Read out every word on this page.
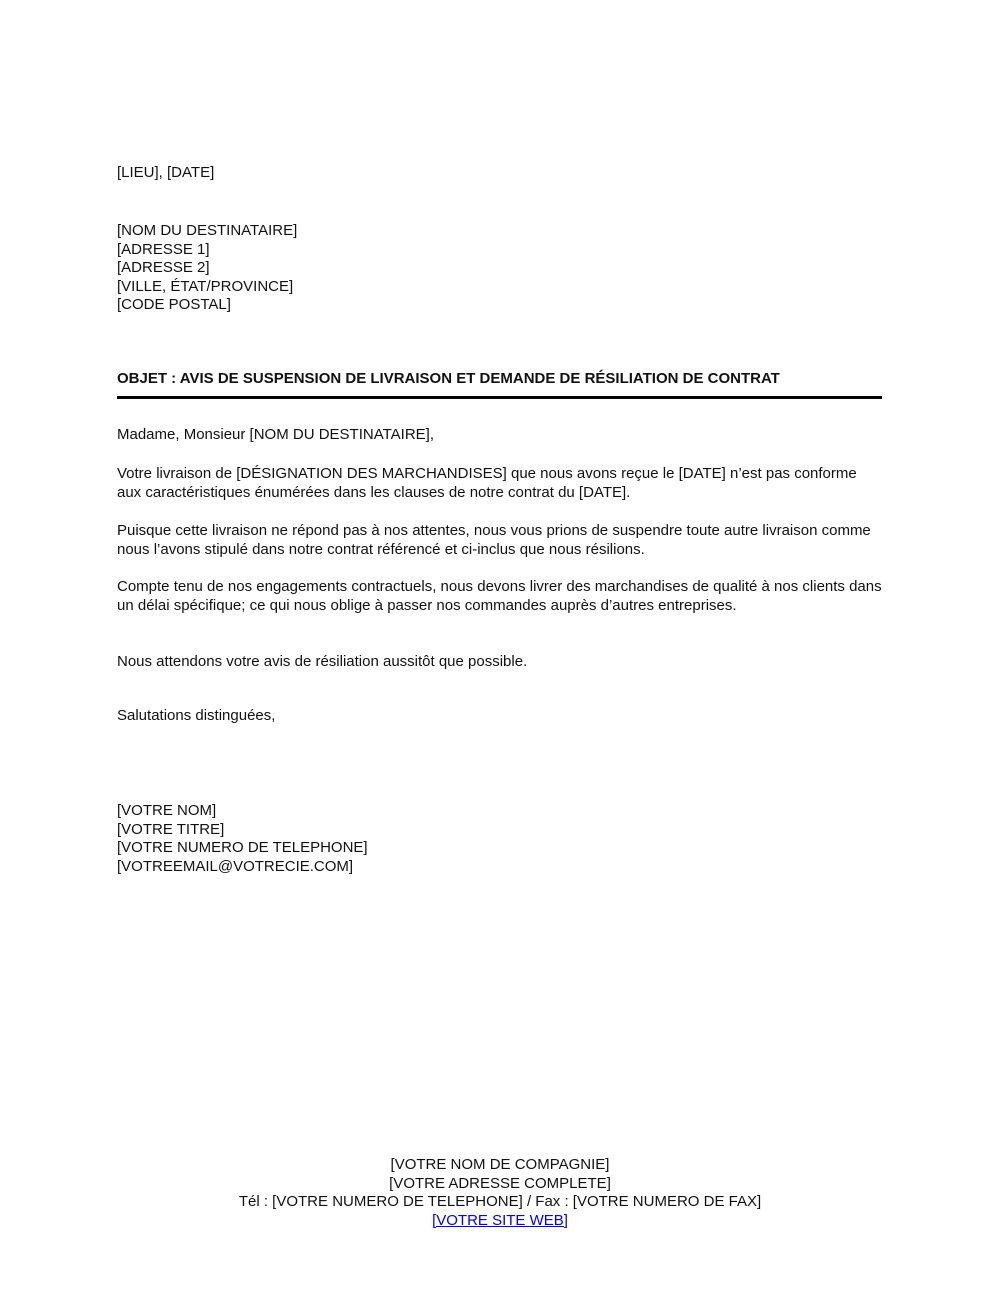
[LIEU], [DATE]
[NOM DU DESTINATAIRE]
[ADRESSE 1]
[ADRESSE 2]
[VILLE, ÉTAT/PROVINCE]
[CODE POSTAL]
OBJET : AVIS DE SUSPENSION DE LIVRAISON ET DEMANDE DE RÉSILIATION DE CONTRAT
Madame, Monsieur [NOM DU DESTINATAIRE],
Votre livraison de [DÉSIGNATION DES MARCHANDISES] que nous avons reçue le [DATE] n’est pas conforme aux caractéristiques énumérées dans les clauses de notre contrat du [DATE].
Puisque cette livraison ne répond pas à nos attentes, nous vous prions de suspendre toute autre livraison comme nous l’avons stipulé dans notre contrat référencé et ci-inclus que nous résilions.
Compte tenu de nos engagements contractuels, nous devons livrer des marchandises de qualité à nos clients dans un délai spécifique; ce qui nous oblige à passer nos commandes auprès d’autres entreprises.
Nous attendons votre avis de résiliation aussitôt que possible.
Salutations distinguées,
[VOTRE NOM]
[VOTRE TITRE]
[VOTRE NUMERO DE TELEPHONE]
[VOTREEMAIL@VOTRECIE.COM]
[VOTRE NOM DE COMPAGNIE]
[VOTRE ADRESSE COMPLETE]
Tél : [VOTRE NUMERO DE TELEPHONE] / Fax : [VOTRE NUMERO DE FAX]
[VOTRE SITE WEB]
